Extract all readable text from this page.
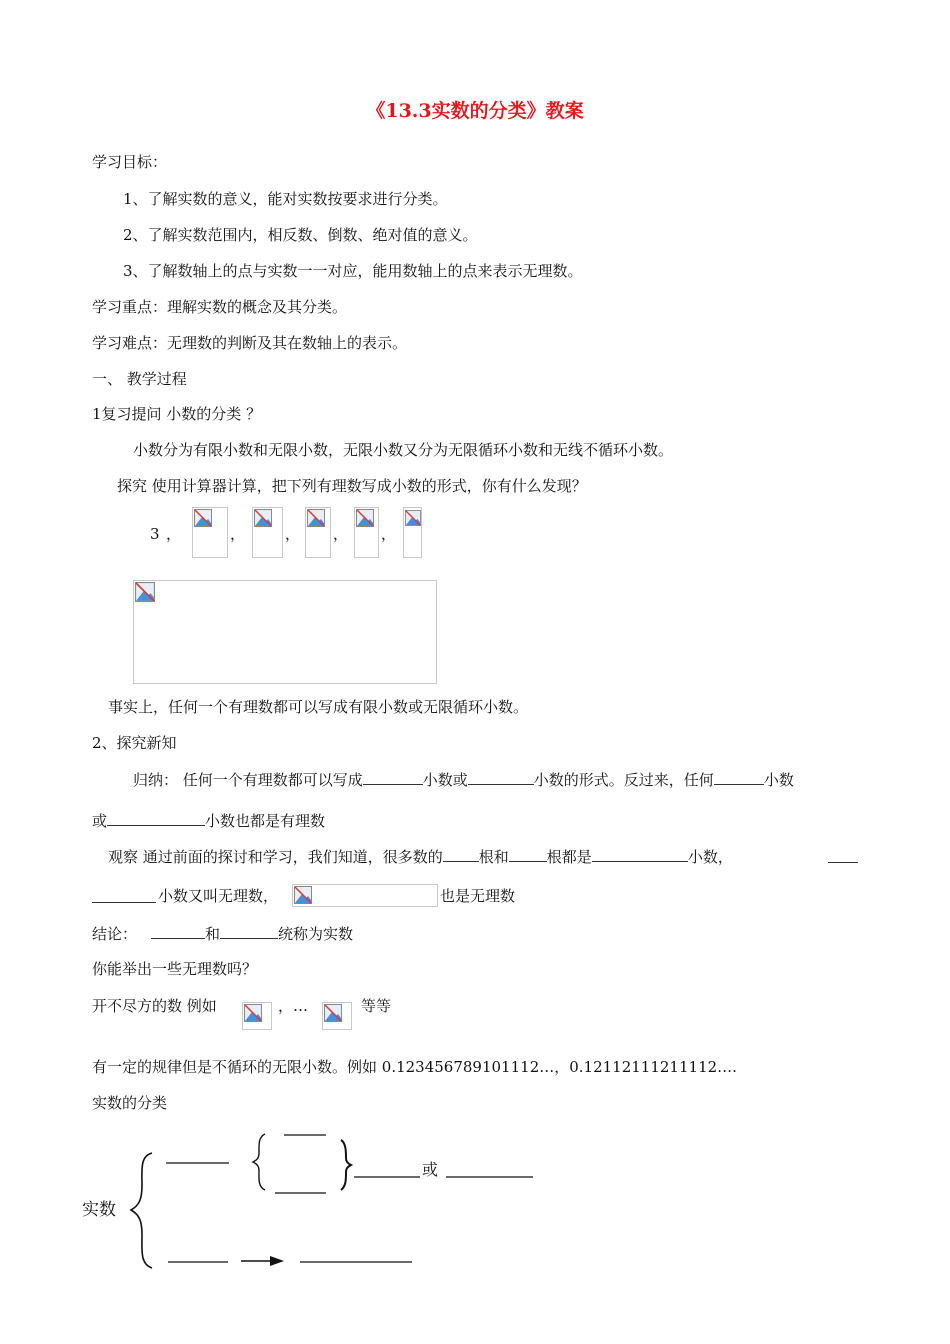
《13.3实数的分类》教案
学习目标：
1、了解实数的意义，能对实数按要求进行分类。
2、了解实数范围内，相反数、倒数、绝对值的意义。
3、了解数轴上的点与实数一一对应，能用数轴上的点来表示无理数。
学习重点：理解实数的概念及其分类。
学习难点：无理数的判断及其在数轴上的表示。
一、 教学过程
1复习提问 小数的分类 ？
小数分为有限小数和无限小数，无限小数又分为无限循环小数和无线不循环小数。
探究 使用计算器计算，把下列有理数写成小数的形式，你有什么发现？
3 ，	，	， ， ，
事实上，任何一个有理数都可以写成有限小数或无限循环小数。
2、探究新知
归纳： 任何一个有理数都可以写成	小数或	小数的形式。反过来，任何	小数
或	小数也都是有理数
观察 通过前面的探讨和学习，我们知道，很多数的 根和	根都是	小数，
小数又叫无理数，	也是无理数
结论：	和	统称为实数
你能举出一些无理数吗？
开不尽方的数 例如	，…	等等
有一定的规律但是不循环的无限小数。例如 0.123456789101112…，0.12112111211112….
实数的分类
实数
或
